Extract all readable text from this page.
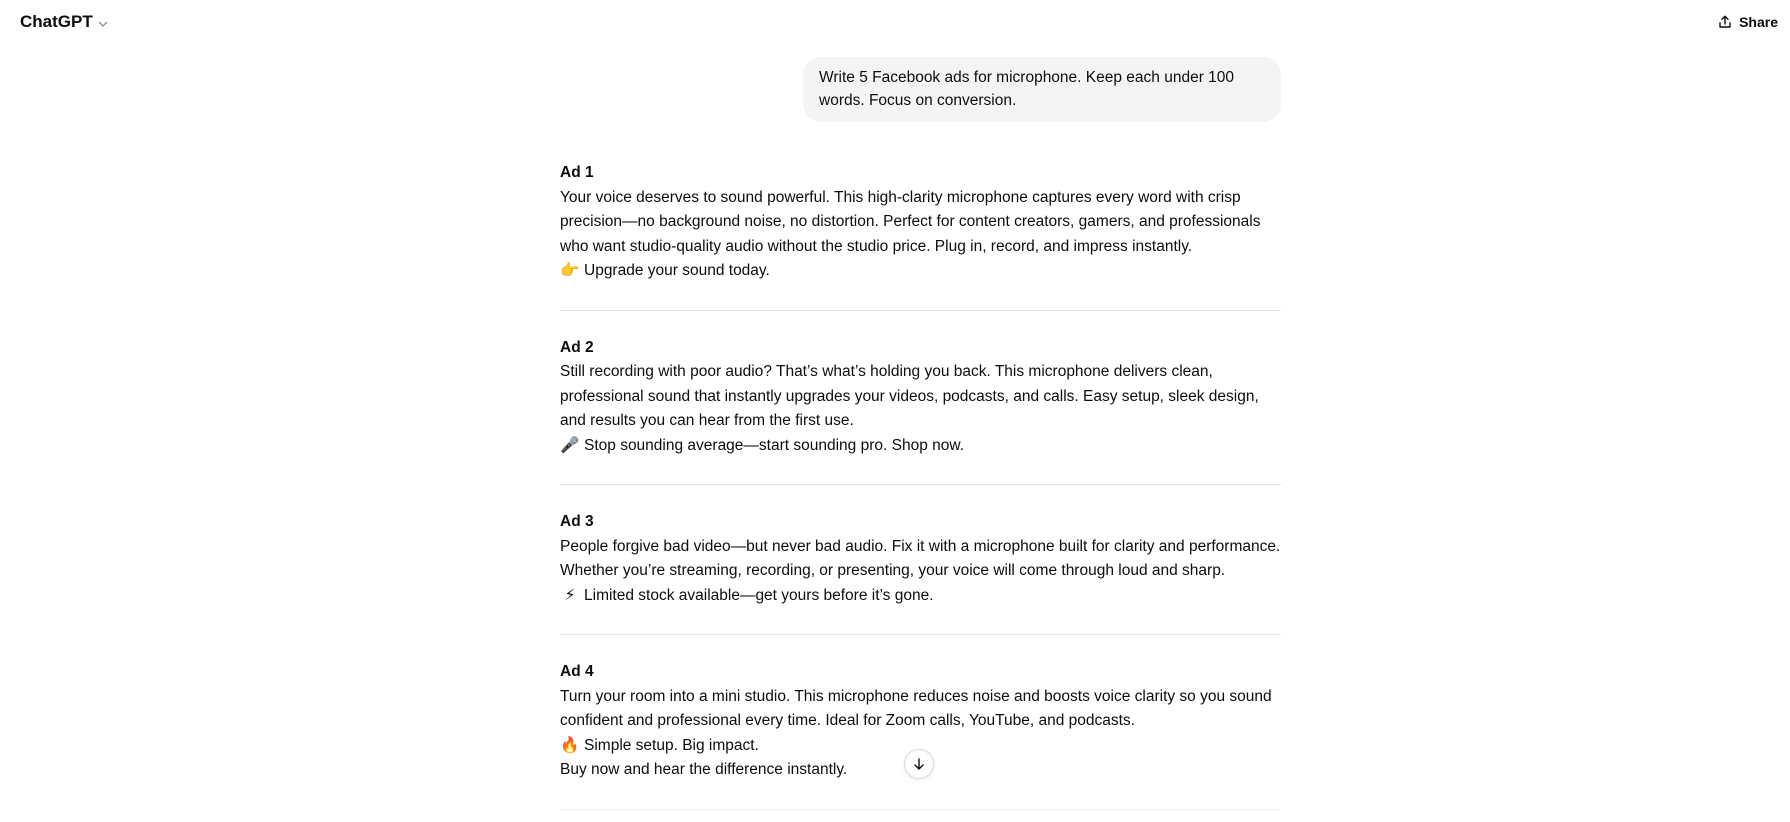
ChatGPT	Share
Write 5 Facebook ads for microphone. Keep each under 100 words. Focus on conversion.

Ad 1

Your voice deserves to sound powerful. This high-clarity microphone captures every word with crisp precision—no background noise, no distortion. Perfect for content creators, gamers, and professionals who want studio-quality audio without the studio price. Plug in, record, and impress instantly.

👉 Upgrade your sound today.

Ad 2

Still recording with poor audio? That’s what’s holding you back. This microphone delivers clean, professional sound that instantly upgrades your videos, podcasts, and calls. Easy setup, sleek design, and results you can hear from the first use.

🎤 Stop sounding average—start sounding pro. Shop now.

Ad 3

People forgive bad video—but never bad audio. Fix it with a microphone built for clarity and performance. Whether you’re streaming, recording, or presenting, your voice will come through loud and sharp.

⚡ Limited stock available—get yours before it’s gone.

Ad 4

Turn your room into a mini studio. This microphone reduces noise and boosts voice clarity so you sound confident and professional every time. Ideal for Zoom calls, YouTube, and podcasts.

🔥 Simple setup. Big impact.

Buy now and hear the difference instantly.
